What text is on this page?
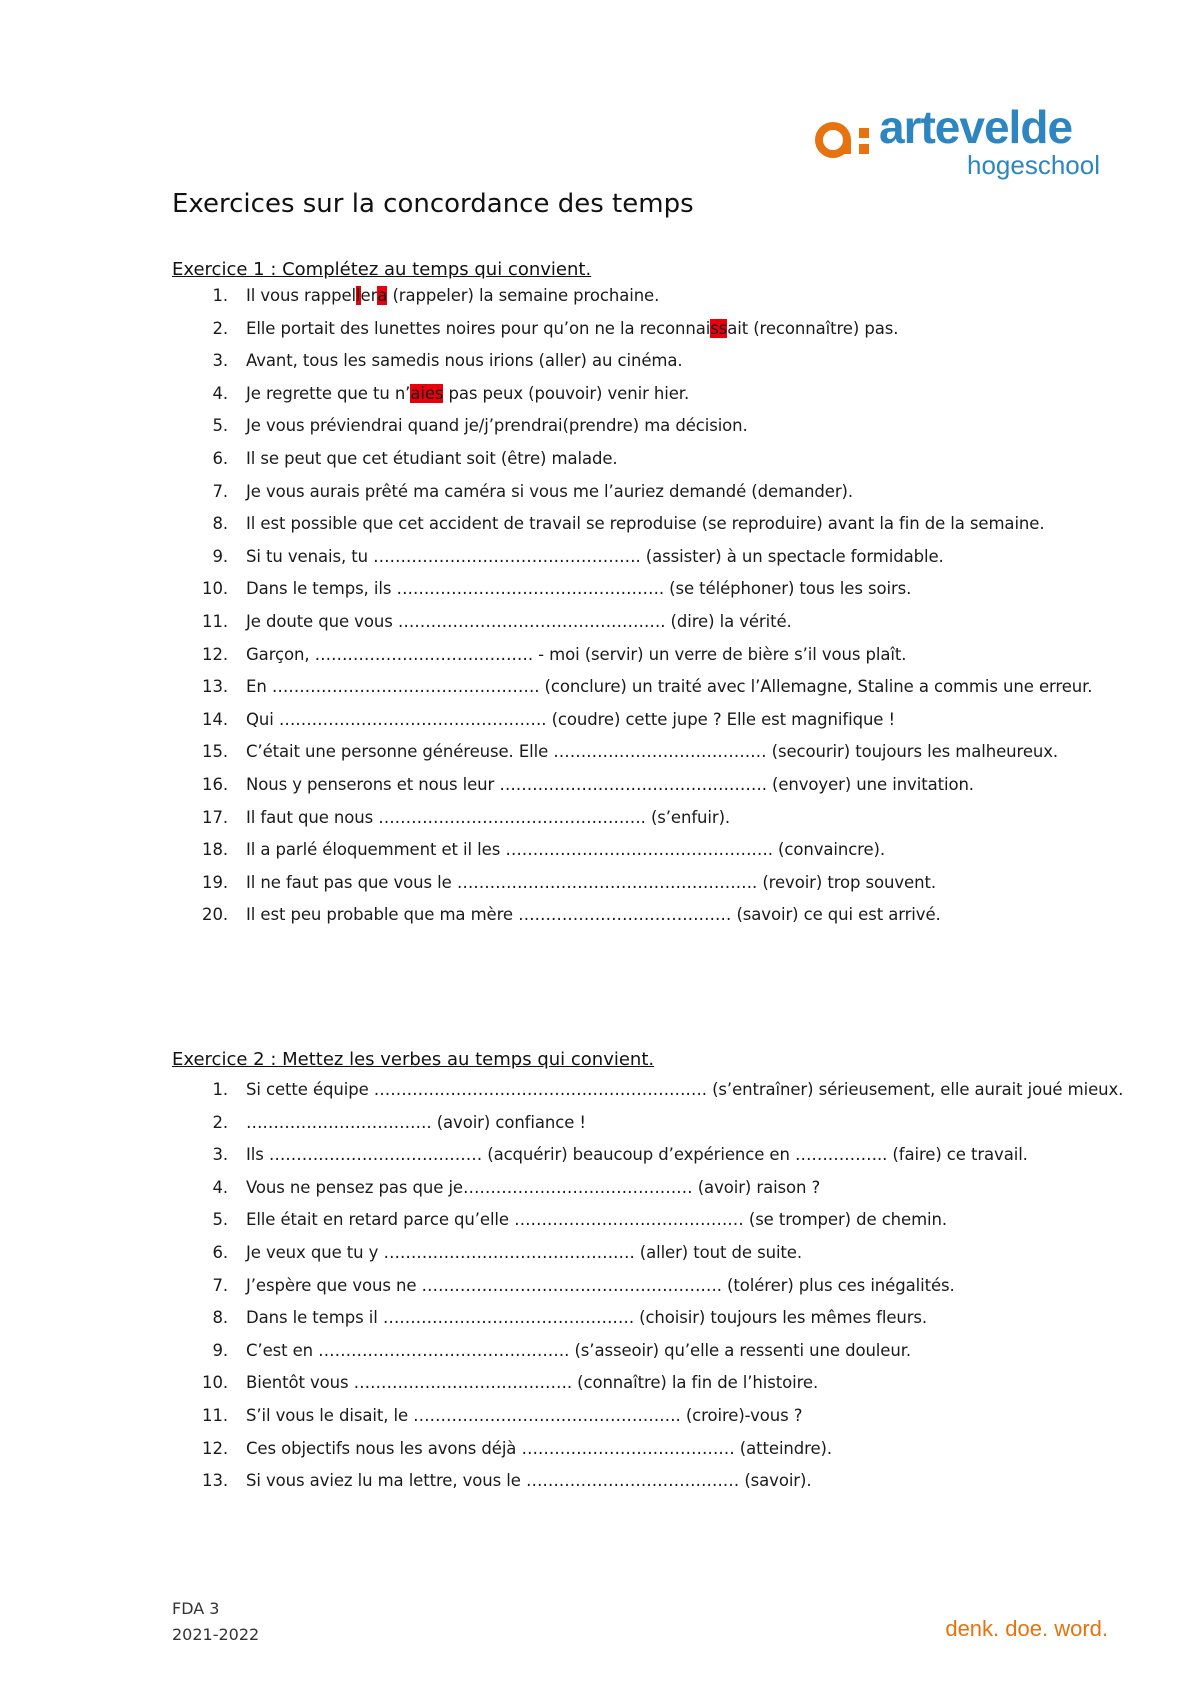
artevelde
hogeschool
Exercices sur la concordance des temps
Exercice 1 : Complétez au temps qui convient.
1. Il vous rappellera (rappeler) la semaine prochaine.
2. Elle portait des lunettes noires pour qu’on ne la reconnaissait (reconnaître) pas.
3. Avant, tous les samedis nous irions (aller) au cinéma.
4. Je regrette que tu n’aies pas peux (pouvoir) venir hier.
5. Je vous préviendrai quand je/j’prendrai(prendre) ma décision.
6. Il se peut que cet étudiant soit (être) malade.
7. Je vous aurais prêté ma caméra si vous me l’auriez demandé (demander).
8. Il est possible que cet accident de travail se reproduise (se reproduire) avant la fin de la semaine.
9. Si tu venais, tu …………………………………………. (assister) à un spectacle formidable.
10. Dans le temps, ils …………………………………………. (se téléphoner) tous les soirs.
11. Je doute que vous …………………………………………. (dire) la vérité.
12. Garçon, …………………………………. - moi (servir) un verre de bière s’il vous plaît.
13. En …………………………………………. (conclure) un traité avec l’Allemagne, Staline a commis une erreur.
14. Qui …………………………………………. (coudre) cette jupe ? Elle est magnifique !
15. C’était une personne généreuse. Elle ………………………………… (secourir) toujours les malheureux.
16. Nous y penserons et nous leur …………………………………………. (envoyer) une invitation.
17. Il faut que nous …………………………………………. (s’enfuir).
18. Il a parlé éloquemment et il les …………………………………………. (convaincre).
19. Il ne faut pas que vous le ………………………………………………. (revoir) trop souvent.
20. Il est peu probable que ma mère ………………………………… (savoir) ce qui est arrivé.
Exercice 2 : Mettez les verbes au temps qui convient.
1. Si cette équipe ……………………………………………………. (s’entraîner) sérieusement, elle aurait joué mieux.
2. ……………………………. (avoir) confiance !
3. Ils ………………………………… (acquérir) beaucoup d’expérience en …………….. (faire) ce travail.
4. Vous ne pensez pas que je…………………………………… (avoir) raison ?
5. Elle était en retard parce qu’elle …………………………………… (se tromper) de chemin.
6. Je veux que tu y ………………………………………. (aller) tout de suite.
7. J’espère que vous ne ………………………………………………. (tolérer) plus ces inégalités.
8. Dans le temps il ………………………………………. (choisir) toujours les mêmes fleurs.
9. C’est en ………………………………………. (s’asseoir) qu’elle a ressenti une douleur.
10. Bientôt vous …………………………………. (connaître) la fin de l’histoire.
11. S’il vous le disait, le …………………………………………. (croire)-vous ?
12. Ces objectifs nous les avons déjà ………………………………… (atteindre).
13. Si vous aviez lu ma lettre, vous le ………………………………… (savoir).
FDA 3
2021-2022	denk. doe. word.
